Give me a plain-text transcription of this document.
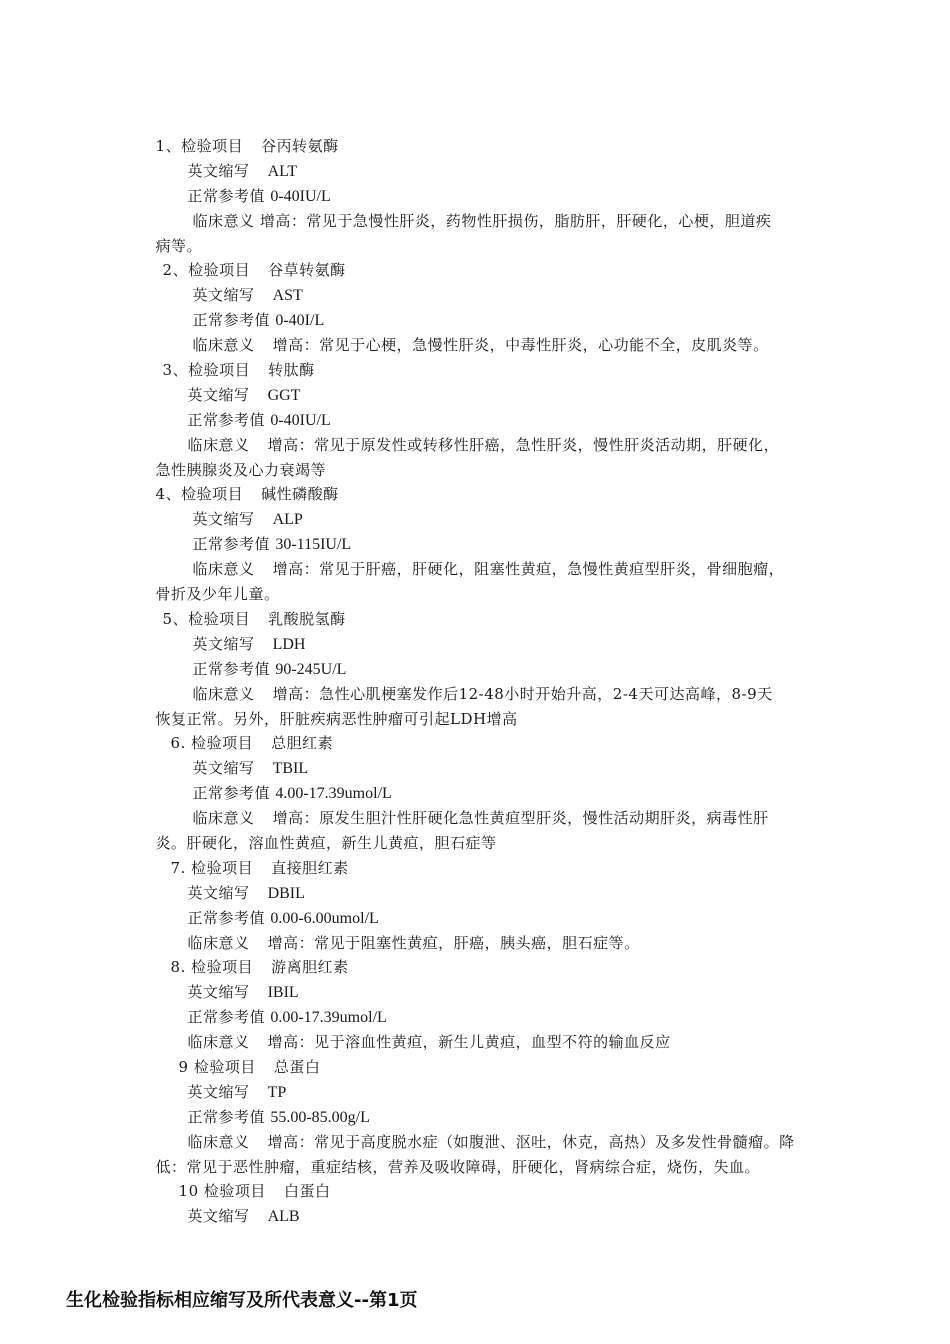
1、检验项目 谷丙转氨酶

英文缩写 ALT

正常参考值 0-40IU/L

临床意义 增高：常见于急慢性肝炎，药物性肝损伤，脂肪肝，肝硬化，心梗，胆道疾

病等。

2、检验项目 谷草转氨酶

英文缩写 AST

正常参考值 0-40I/L

临床意义 增高：常见于心梗，急慢性肝炎，中毒性肝炎，心功能不全，皮肌炎等。

3、检验项目 转肽酶

英文缩写 GGT

正常参考值 0-40IU/L

临床意义 增高：常见于原发性或转移性肝癌，急性肝炎，慢性肝炎活动期，肝硬化，

急性胰腺炎及心力衰竭等

4、检验项目 碱性磷酸酶

英文缩写 ALP

正常参考值 30-115IU/L

临床意义 增高：常见于肝癌，肝硬化，阻塞性黄疸，急慢性黄疸型肝炎，骨细胞瘤，

骨折及少年儿童。

5、检验项目 乳酸脱氢酶

英文缩写 LDH

正常参考值 90-245U/L

临床意义 增高：急性心肌梗塞发作后12-48小时开始升高，2-4天可达高峰，8-9天

恢复正常。另外，肝脏疾病恶性肿瘤可引起LDH增高

6. 检验项目 总胆红素

英文缩写 TBIL

正常参考值 4.00-17.39umol/L

临床意义 增高：原发生胆汁性肝硬化急性黄疸型肝炎，慢性活动期肝炎，病毒性肝

炎。肝硬化，溶血性黄疸，新生儿黄疸，胆石症等

7. 检验项目 直接胆红素

英文缩写 DBIL

正常参考值 0.00-6.00umol/L

临床意义 增高：常见于阻塞性黄疸，肝癌，胰头癌，胆石症等。

8. 检验项目 游离胆红素

英文缩写 IBIL

正常参考值 0.00-17.39umol/L

临床意义 增高：见于溶血性黄疸，新生儿黄疸，血型不符的输血反应

9 检验项目 总蛋白

英文缩写 TP

正常参考值 55.00-85.00g/L

临床意义 增高：常见于高度脱水症（如腹泄、沤吐，休克，高热）及多发性骨髓瘤。降

低：常见于恶性肿瘤，重症结核，营养及吸收障碍，肝硬化，肾病综合症，烧伤，失血。

10 检验项目 白蛋白

英文缩写 ALB

生化检验指标相应缩写及所代表意义--第1页
